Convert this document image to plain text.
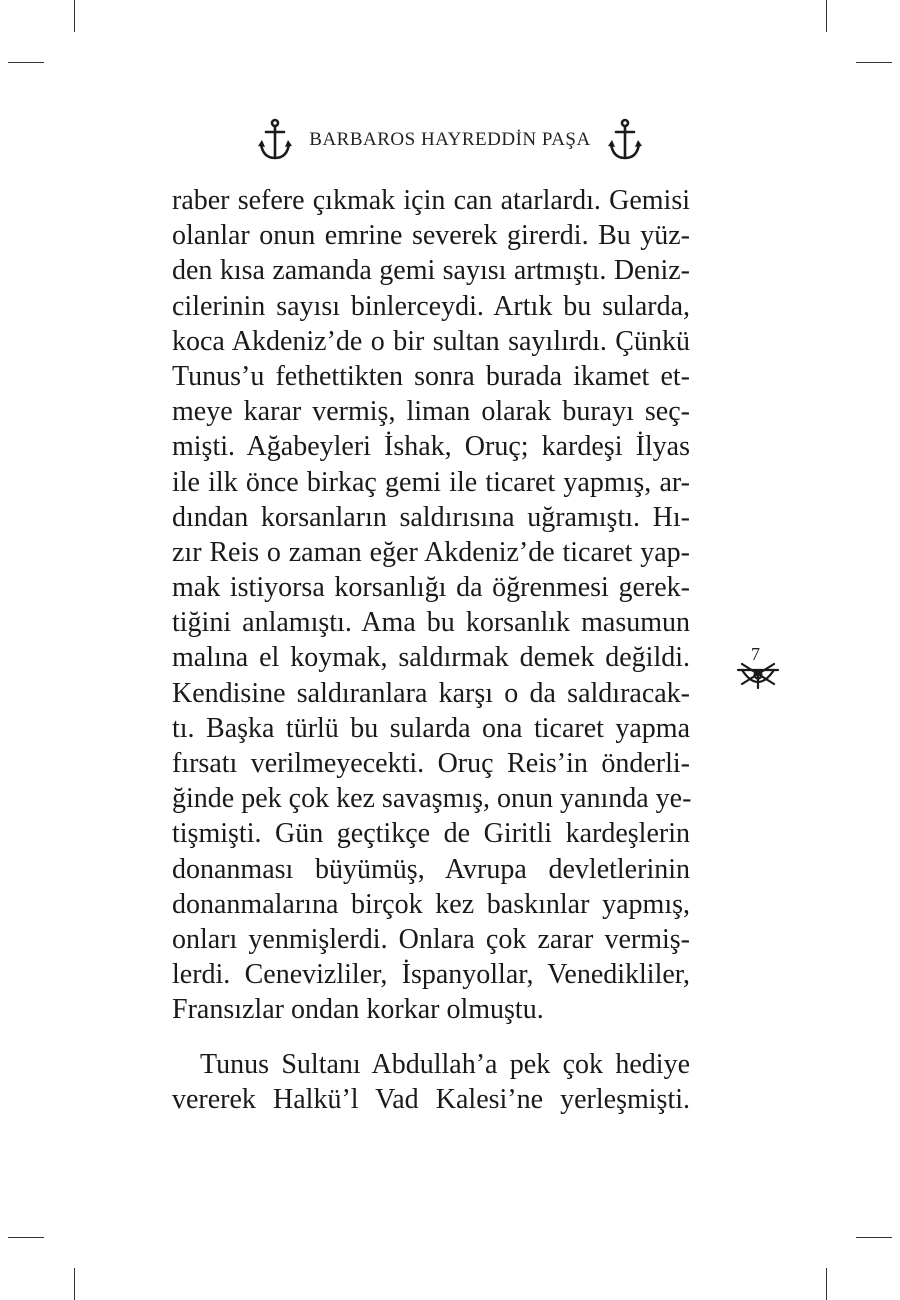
BARBAROS HAYREDDİN PAŞA
raber sefere çıkmak için can atarlardı. Gemisi
olanlar onun emrine severek girerdi. Bu yüz-
den kısa zamanda gemi sayısı artmıştı. Deniz-
cilerinin sayısı binlerceydi. Artık bu sularda,
koca Akdeniz’de o bir sultan sayılırdı. Çünkü
Tunus’u fethettikten sonra burada ikamet et-
meye karar vermiş, liman olarak burayı seç-
mişti. Ağabeyleri İshak, Oruç; kardeşi İlyas
ile ilk önce birkaç gemi ile ticaret yapmış, ar-
dından korsanların saldırısına uğramıştı. Hı-
zır Reis o zaman eğer Akdeniz’de ticaret yap-
mak istiyorsa korsanlığı da öğrenmesi gerek-
tiğini anlamıştı. Ama bu korsanlık masumun
malına el koymak, saldırmak demek değildi.
Kendisine saldıranlara karşı o da saldıracak-
tı. Başka türlü bu sularda ona ticaret yapma
fırsatı verilmeyecekti. Oruç Reis’in önderli-
ğinde pek çok kez savaşmış, onun yanında ye-
tişmişti. Gün geçtikçe de Giritli kardeşlerin
donanması büyümüş, Avrupa devletlerinin
donanmalarına birçok kez baskınlar yapmış,
onları yenmişlerdi. Onlara çok zarar vermiş-
lerdi. Cenevizliler, İspanyollar, Venedikliler,
Fransızlar ondan korkar olmuştu.
Tunus Sultanı Abdullah’a pek çok hediye
vererek Halkü’l Vad Kalesi’ne yerleşmişti.
7
